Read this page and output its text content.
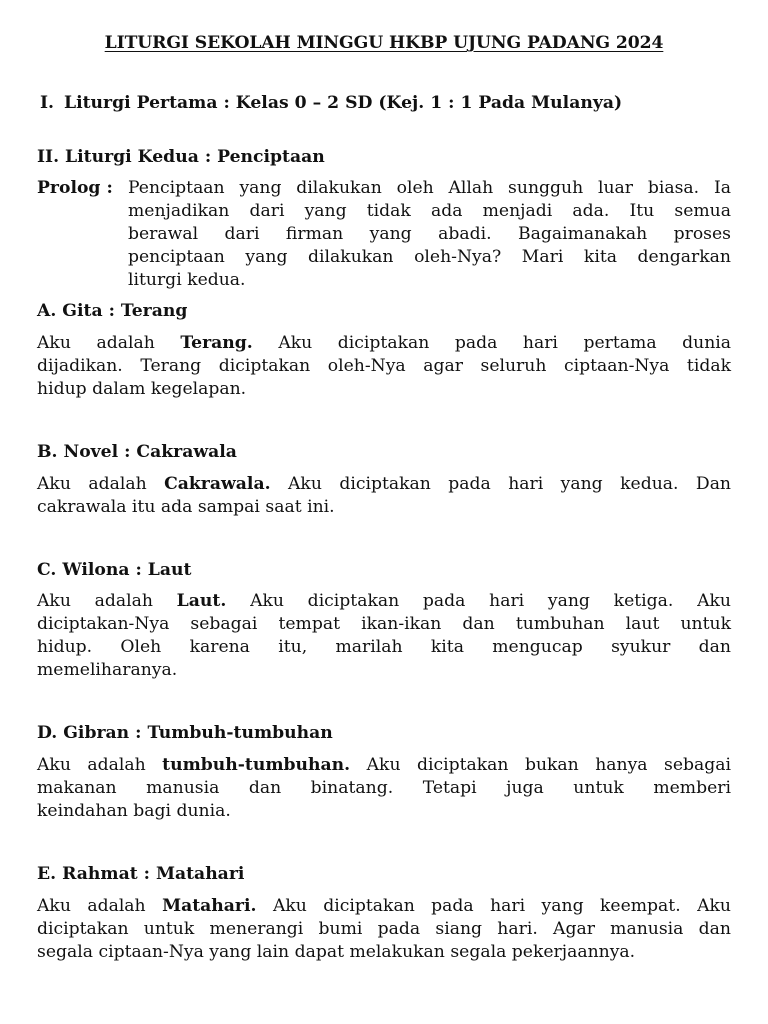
LITURGI SEKOLAH MINGGU HKBP UJUNG PADANG 2024
I. Liturgi Pertama : Kelas 0 – 2 SD (Kej. 1 : 1 Pada Mulanya)
II. Liturgi Kedua : Penciptaan
Prolog : Penciptaan yang dilakukan oleh Allah sungguh luar biasa. Ia
menjadikan dari yang tidak ada menjadi ada. Itu semua
berawal dari firman yang abadi. Bagaimanakah proses
penciptaan yang dilakukan oleh-Nya? Mari kita dengarkan
liturgi kedua.
A. Gita : Terang
Aku adalah Terang. Aku diciptakan pada hari pertama dunia
dijadikan. Terang diciptakan oleh-Nya agar seluruh ciptaan-Nya tidak
hidup dalam kegelapan.
B. Novel : Cakrawala
Aku adalah Cakrawala. Aku diciptakan pada hari yang kedua. Dan
cakrawala itu ada sampai saat ini.
C. Wilona : Laut
Aku adalah Laut. Aku diciptakan pada hari yang ketiga. Aku
diciptakan-Nya sebagai tempat ikan-ikan dan tumbuhan laut untuk
hidup. Oleh karena itu, marilah kita mengucap syukur dan
memeliharanya.
D. Gibran : Tumbuh-tumbuhan
Aku adalah tumbuh-tumbuhan. Aku diciptakan bukan hanya sebagai
makanan manusia dan binatang. Tetapi juga untuk memberi
keindahan bagi dunia.
E. Rahmat : Matahari
Aku adalah Matahari. Aku diciptakan pada hari yang keempat. Aku
diciptakan untuk menerangi bumi pada siang hari. Agar manusia dan
segala ciptaan-Nya yang lain dapat melakukan segala pekerjaannya.
